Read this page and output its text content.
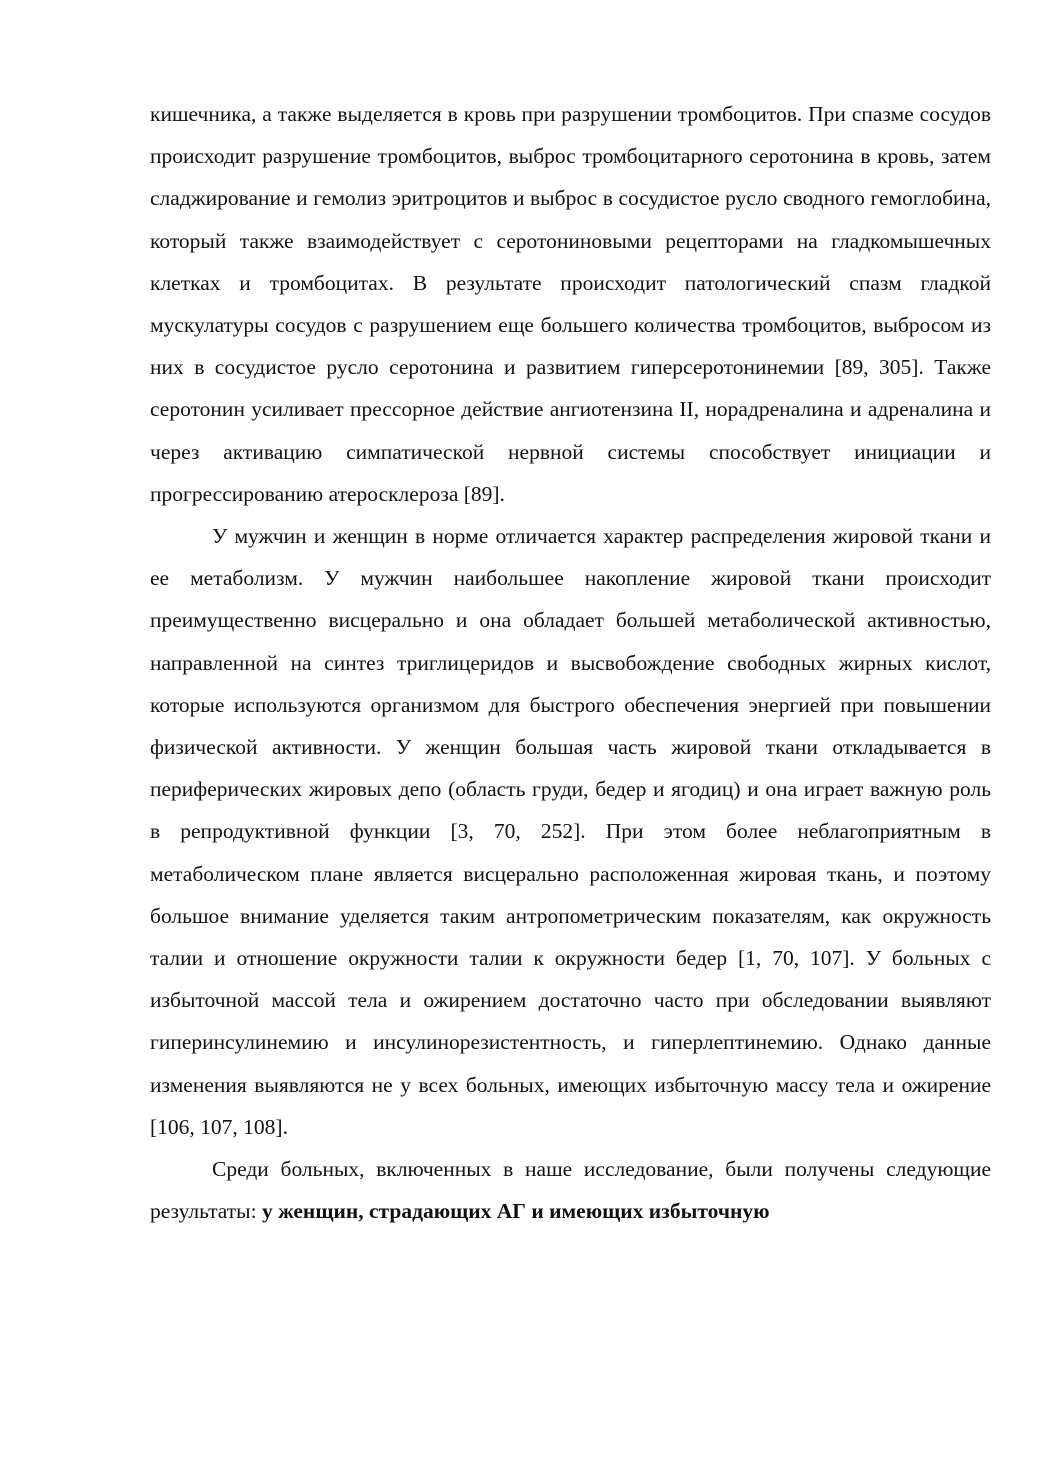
кишечника, а также выделяется в кровь при разрушении тромбоцитов. При спазме сосудов происходит разрушение тромбоцитов, выброс тромбоцитарного серотонина в кровь, затем сладжирование и гемолиз эритроцитов и выброс в сосудистое русло сводного гемоглобина, который также взаимодействует с серотониновыми рецепторами на гладкомышечных клетках и тромбоцитах. В результате происходит патологический спазм гладкой мускулатуры сосудов с разрушением еще большего количества тромбоцитов, выбросом из них в сосудистое русло серотонина и развитием гиперсеротонинемии [89, 305]. Также серотонин усиливает прессорное действие ангиотензина II, норадреналина и адреналина и через активацию симпатической нервной системы способствует инициации и прогрессированию атеросклероза [89].

У мужчин и женщин в норме отличается характер распределения жировой ткани и ее метаболизм. У мужчин наибольшее накопление жировой ткани происходит преимущественно висцерально и она обладает большей метаболической активностью, направленной на синтез триглицеридов и высвобождение свободных жирных кислот, которые используются организмом для быстрого обеспечения энергией при повышении физической активности. У женщин большая часть жировой ткани откладывается в периферических жировых депо (область груди, бедер и ягодиц) и она играет важную роль в репродуктивной функции [3, 70, 252]. При этом более неблагоприятным в метаболическом плане является висцерально расположенная жировая ткань, и поэтому большое внимание уделяется таким антропометрическим показателям, как окружность талии и отношение окружности талии к окружности бедер [1, 70, 107]. У больных с избыточной массой тела и ожирением достаточно часто при обследовании выявляют гиперинсулинемию и инсулинорезистентность, и гиперлептинемию. Однако данные изменения выявляются не у всех больных, имеющих избыточную массу тела и ожирение [106, 107, 108].

Среди больных, включенных в наше исследование, были получены следующие результаты: у женщин, страдающих АГ и имеющих избыточную
